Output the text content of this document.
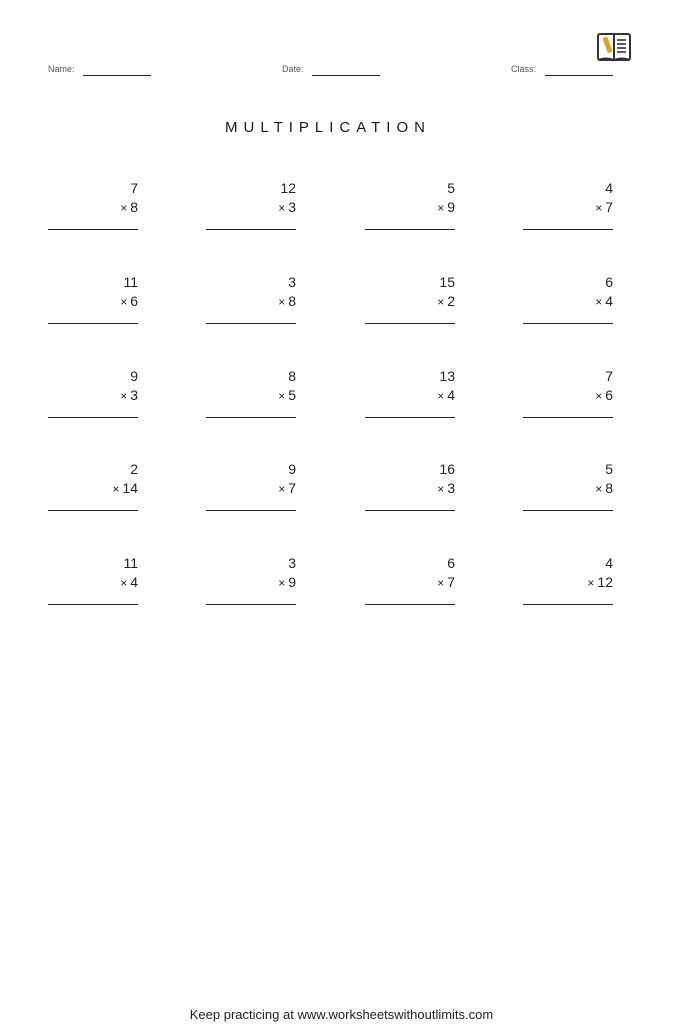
Name:	Date:	Class:
MULTIPLICATION
7
× 8
12
× 3
5
× 9
4
× 7
11
× 6
3
× 8
15
× 2
6
× 4
9
× 3
8
× 5
13
× 4
7
× 6
2
× 14
9
× 7
16
× 3
5
× 8
11
× 4
3
× 9
6
× 7
4
× 12
Keep practicing at www.worksheetswithoutlimits.com
